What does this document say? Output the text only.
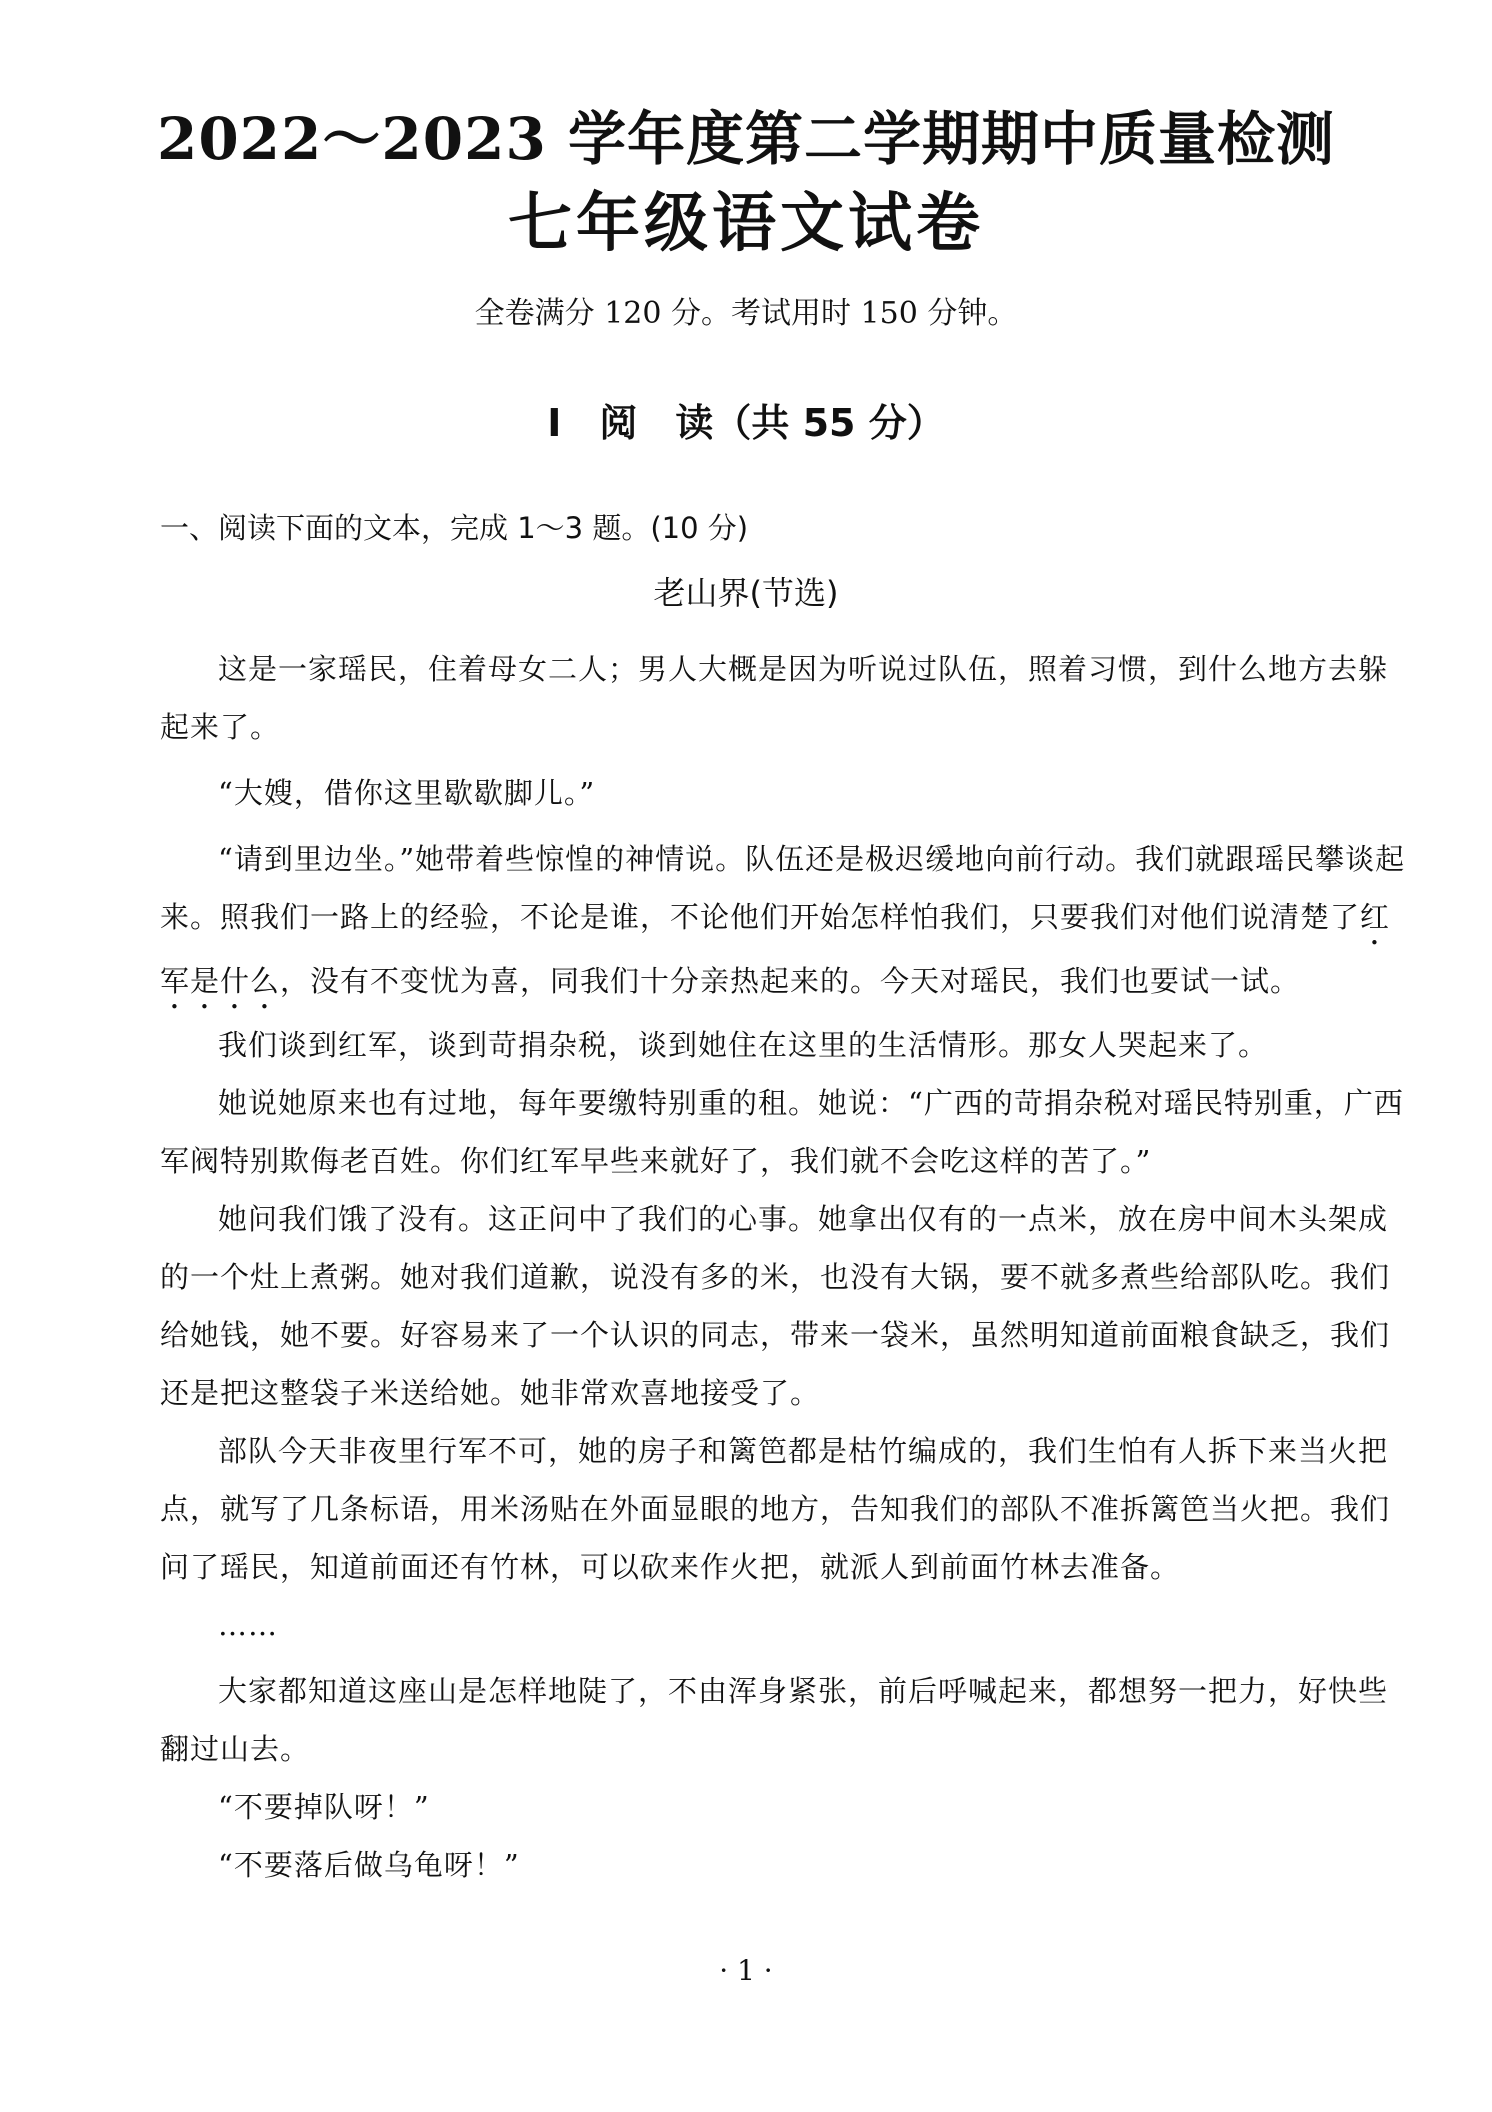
2022～2023 学年度第二学期期中质量检测
七年级语文试卷
全卷满分 120 分。考试用时 150 分钟。
Ⅰ　阅　读（共 55 分）
一、阅读下面的文本，完成 1～3 题。(10 分)
老山界(节选)

这是一家瑶民，住着母女二人；男人大概是因为听说过队伍，照着习惯，到什么地方去躲起来了。

“大嫂，借你这里歇歇脚儿。”

“请到里边坐。”她带着些惊惶的神情说。队伍还是极迟缓地向前行动。我们就跟瑶民攀谈起来。照我们一路上的经验，不论是谁，不论他们开始怎样怕我们，只要我们对他们说清楚了红军是什么，没有不变忧为喜，同我们十分亲热起来的。今天对瑶民，我们也要试一试。

我们谈到红军，谈到苛捐杂税，谈到她住在这里的生活情形。那女人哭起来了。

她说她原来也有过地，每年要缴特别重的租。她说：“广西的苛捐杂税对瑶民特别重，广西军阀特别欺侮老百姓。你们红军早些来就好了，我们就不会吃这样的苦了。”

她问我们饿了没有。这正问中了我们的心事。她拿出仅有的一点米，放在房中间木头架成的一个灶上煮粥。她对我们道歉，说没有多的米，也没有大锅，要不就多煮些给部队吃。我们给她钱，她不要。好容易来了一个认识的同志，带来一袋米，虽然明知道前面粮食缺乏，我们还是把这整袋子米送给她。她非常欢喜地接受了。

部队今天非夜里行军不可，她的房子和篱笆都是枯竹编成的，我们生怕有人拆下来当火把点，就写了几条标语，用米汤贴在外面显眼的地方，告知我们的部队不准拆篱笆当火把。我们问了瑶民，知道前面还有竹林，可以砍来作火把，就派人到前面竹林去准备。

……

大家都知道这座山是怎样地陡了，不由浑身紧张，前后呼喊起来，都想努一把力，好快些翻过山去。

“不要掉队呀！”

“不要落后做乌龟呀！”

· 1 ·
